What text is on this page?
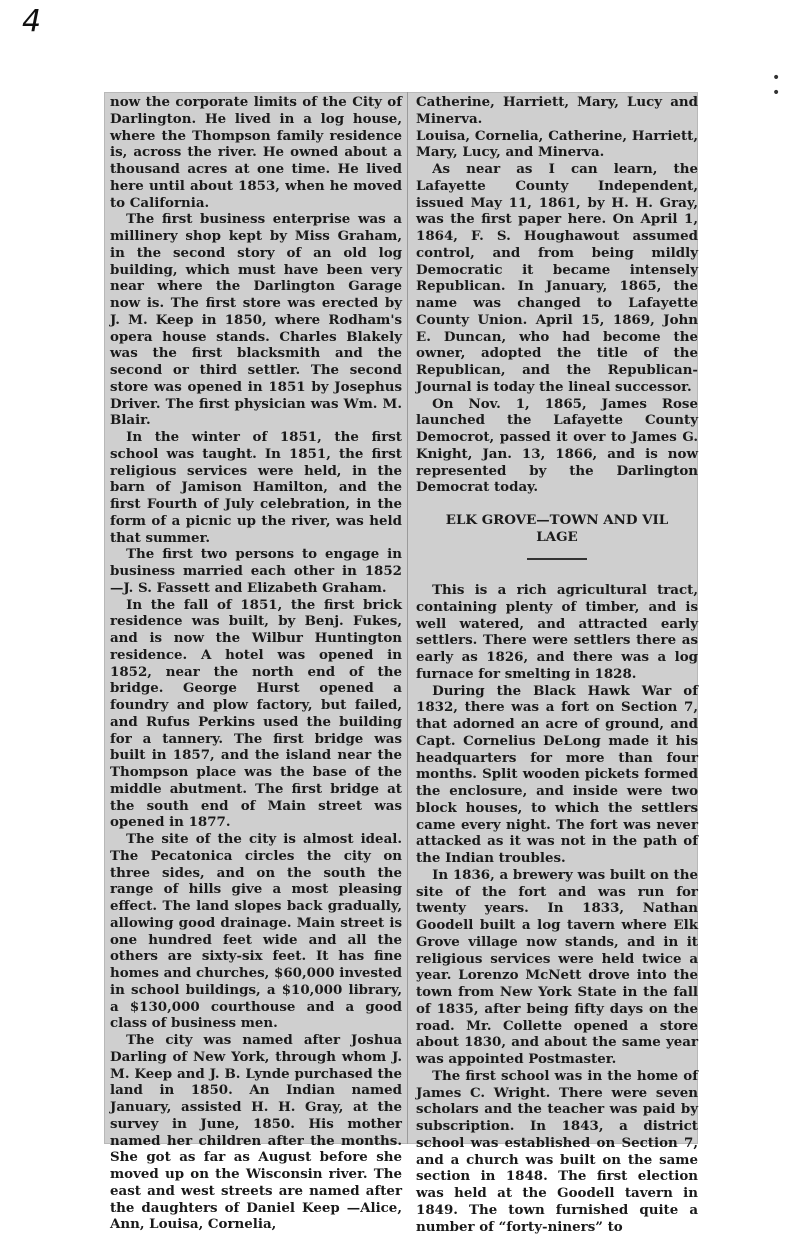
4
•
•

now the corporate limits of the City of Darlington. He lived in a log house, where the Thompson family residence is, across the river. He owned about a thousand acres at one time. He lived here until about 1853, when he moved to California.

The first business enterprise was a millinery shop kept by Miss Graham, in the second story of an old log building, which must have been very near where the Darlington Garage now is. The first store was erected by J. M. Keep in 1850, where Rodham's opera house stands. Charles Blakely was the first blacksmith and the second or third settler. The second store was opened in 1851 by Josephus Driver. The first physician was Wm. M. Blair.

In the winter of 1851, the first school was taught. In 1851, the first religious services were held, in the barn of Jamison Hamilton, and the first Fourth of July celebration, in the form of a picnic up the river, was held that summer.

The first two persons to engage in business married each other in 1852 —J. S. Fassett and Elizabeth Graham.

In the fall of 1851, the first brick residence was built, by Benj. Fukes, and is now the Wilbur Huntington residence. A hotel was opened in 1852, near the north end of the bridge. George Hurst opened a foundry and plow factory, but failed, and Rufus Perkins used the building for a tannery. The first bridge was built in 1857, and the island near the Thompson place was the base of the middle abutment. The first bridge at the south end of Main street was opened in 1877.

The site of the city is almost ideal. The Pecatonica circles the city on three sides, and on the south the range of hills give a most pleasing effect. The land slopes back gradually, allowing good drainage. Main street is one hundred feet wide and all the others are sixty-six feet. It has fine homes and churches, $60,000 invested in school buildings, a $10,000 library, a $130,000 courthouse and a good class of business men.

The city was named after Joshua Darling of New York, through whom J. M. Keep and J. B. Lynde purchased the land in 1850. An Indian named January, assisted H. H. Gray, at the survey in June, 1850. His mother named her children after the months. She got as far as August before she moved up on the Wisconsin river. The east and west streets are named after the daughters of Daniel Keep —Alice, Ann, Louisa, Cornelia,

Catherine, Harriett, Mary, Lucy and Minerva.

Louisa, Cornelia, Catherine, Harriett, Mary, Lucy, and Minerva.

As near as I can learn, the Lafayette County Independent, issued May 11, 1861, by H. H. Gray, was the first paper here. On April 1, 1864, F. S. Houghawout assumed control, and from being mildly Democratic it became intensely Republican. In January, 1865, the name was changed to Lafayette County Union. April 15, 1869, John E. Duncan, who had become the owner, adopted the title of the Republican, and the Republican-Journal is today the lineal successor.

On Nov. 1, 1865, James Rose launched the Lafayette County Democrot, passed it over to James G. Knight, Jan. 13, 1866, and is now represented by the Darlington Democrat today.

ELK GROVE—TOWN AND VIL
LAGE

This is a rich agricultural tract, containing plenty of timber, and is well watered, and attracted early settlers. There were settlers there as early as 1826, and there was a log furnace for smelting in 1828.

During the Black Hawk War of 1832, there was a fort on Section 7, that adorned an acre of ground, and Capt. Cornelius DeLong made it his headquarters for more than four months. Split wooden pickets formed the enclosure, and inside were two block houses, to which the settlers came every night. The fort was never attacked as it was not in the path of the Indian troubles.

In 1836, a brewery was built on the site of the fort and was run for twenty years. In 1833, Nathan Goodell built a log tavern where Elk Grove village now stands, and in it religious services were held twice a year. Lorenzo McNett drove into the town from New York State in the fall of 1835, after being fifty days on the road. Mr. Collette opened a store about 1830, and about the same year was appointed Postmaster.

The first school was in the home of James C. Wright. There were seven scholars and the teacher was paid by subscription. In 1843, a district school was established on Section 7, and a church was built on the same section in 1848. The first election was held at the Goodell tavern in 1849. The town furnished quite a number of “forty-niners” to
